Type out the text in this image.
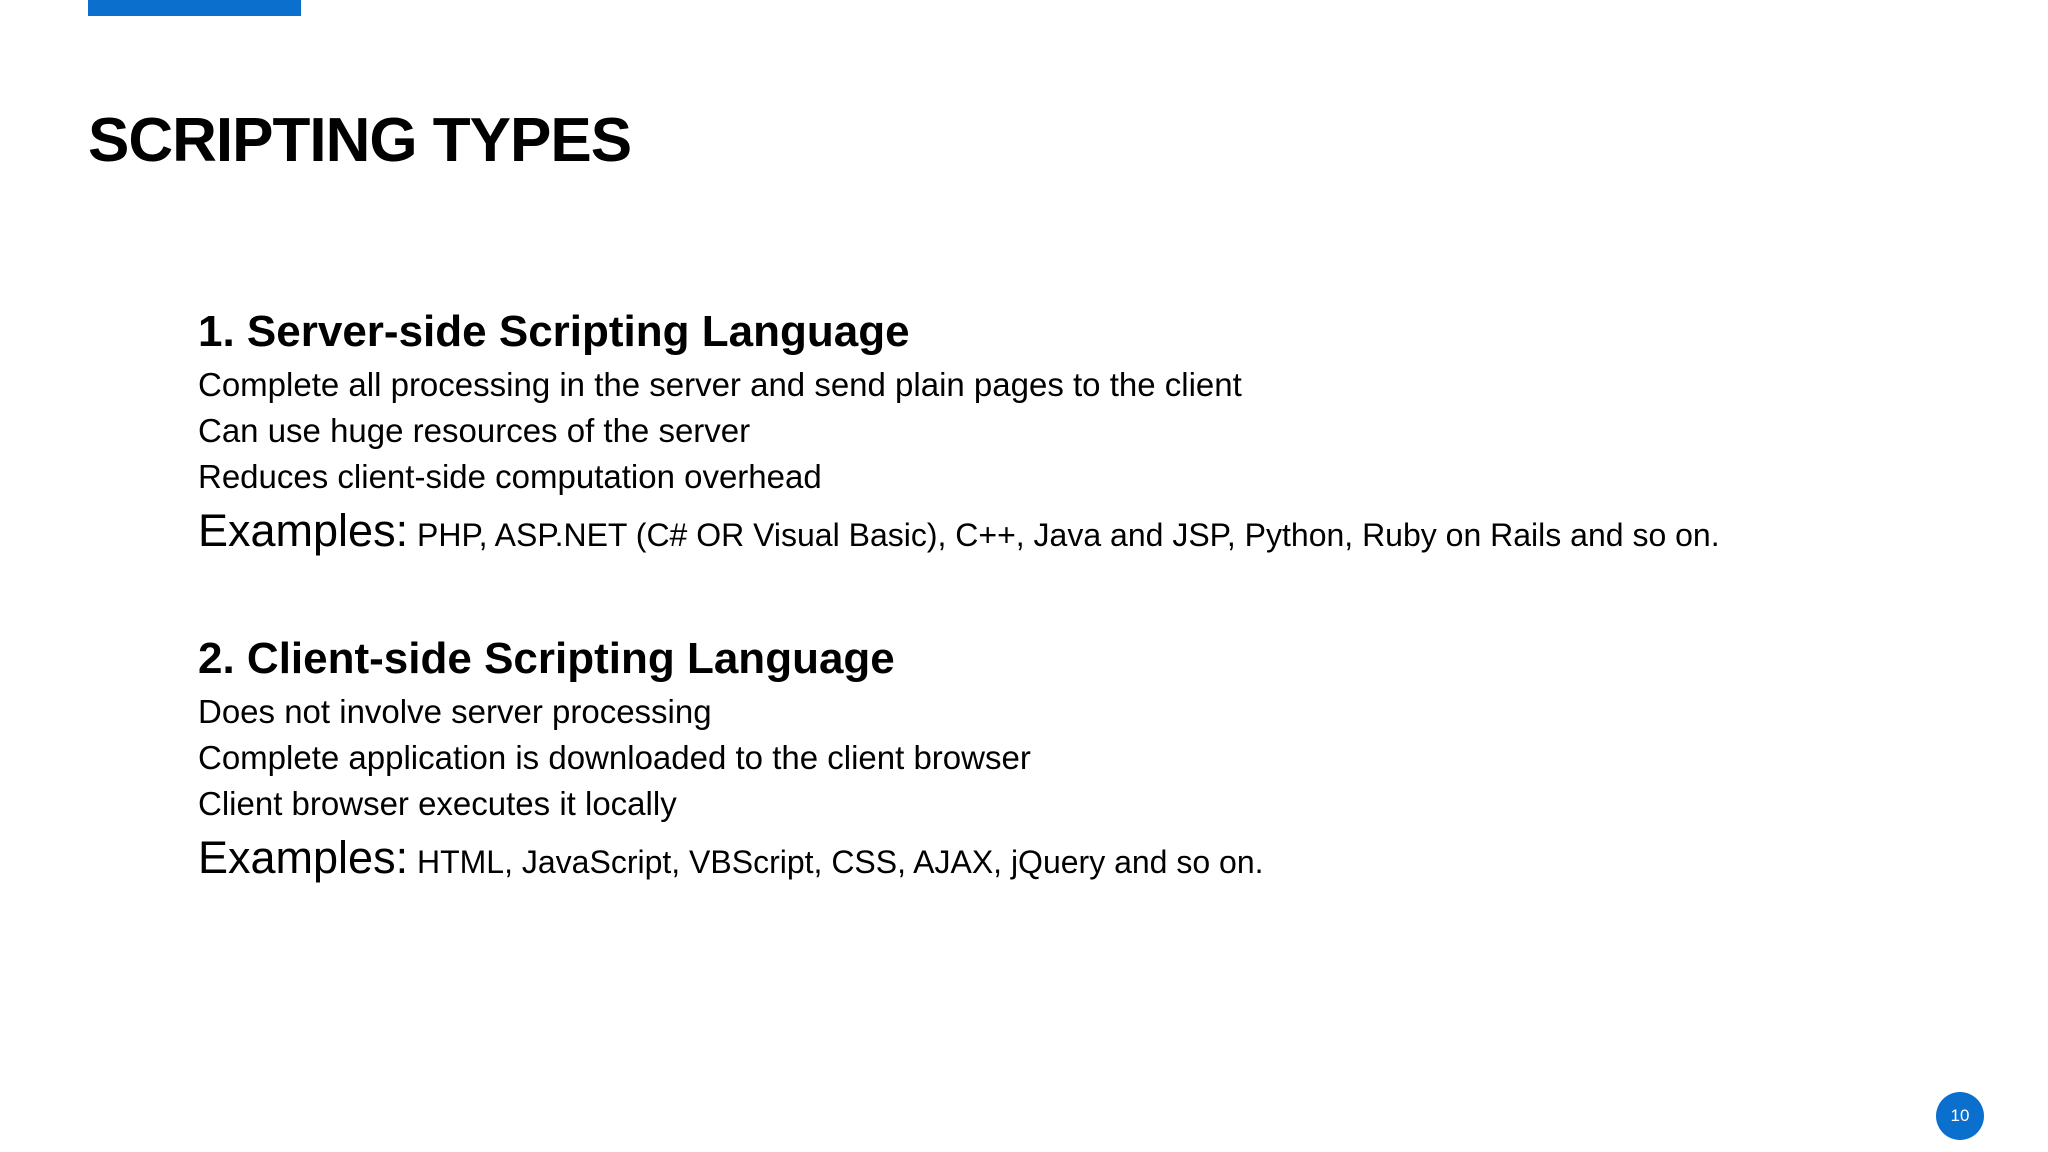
SCRIPTING TYPES

1. Server-side Scripting Language

Complete all processing in the server and send plain pages to the client

Can use huge resources of the server

Reduces client-side computation overhead

Examples: PHP, ASP.NET (C# OR Visual Basic), C++, Java and JSP, Python, Ruby on Rails and so on.

2. Client-side Scripting Language

Does not involve server processing

Complete application is downloaded to the client browser

Client browser executes it locally

Examples: HTML, JavaScript, VBScript, CSS, AJAX, jQuery and so on.

10
